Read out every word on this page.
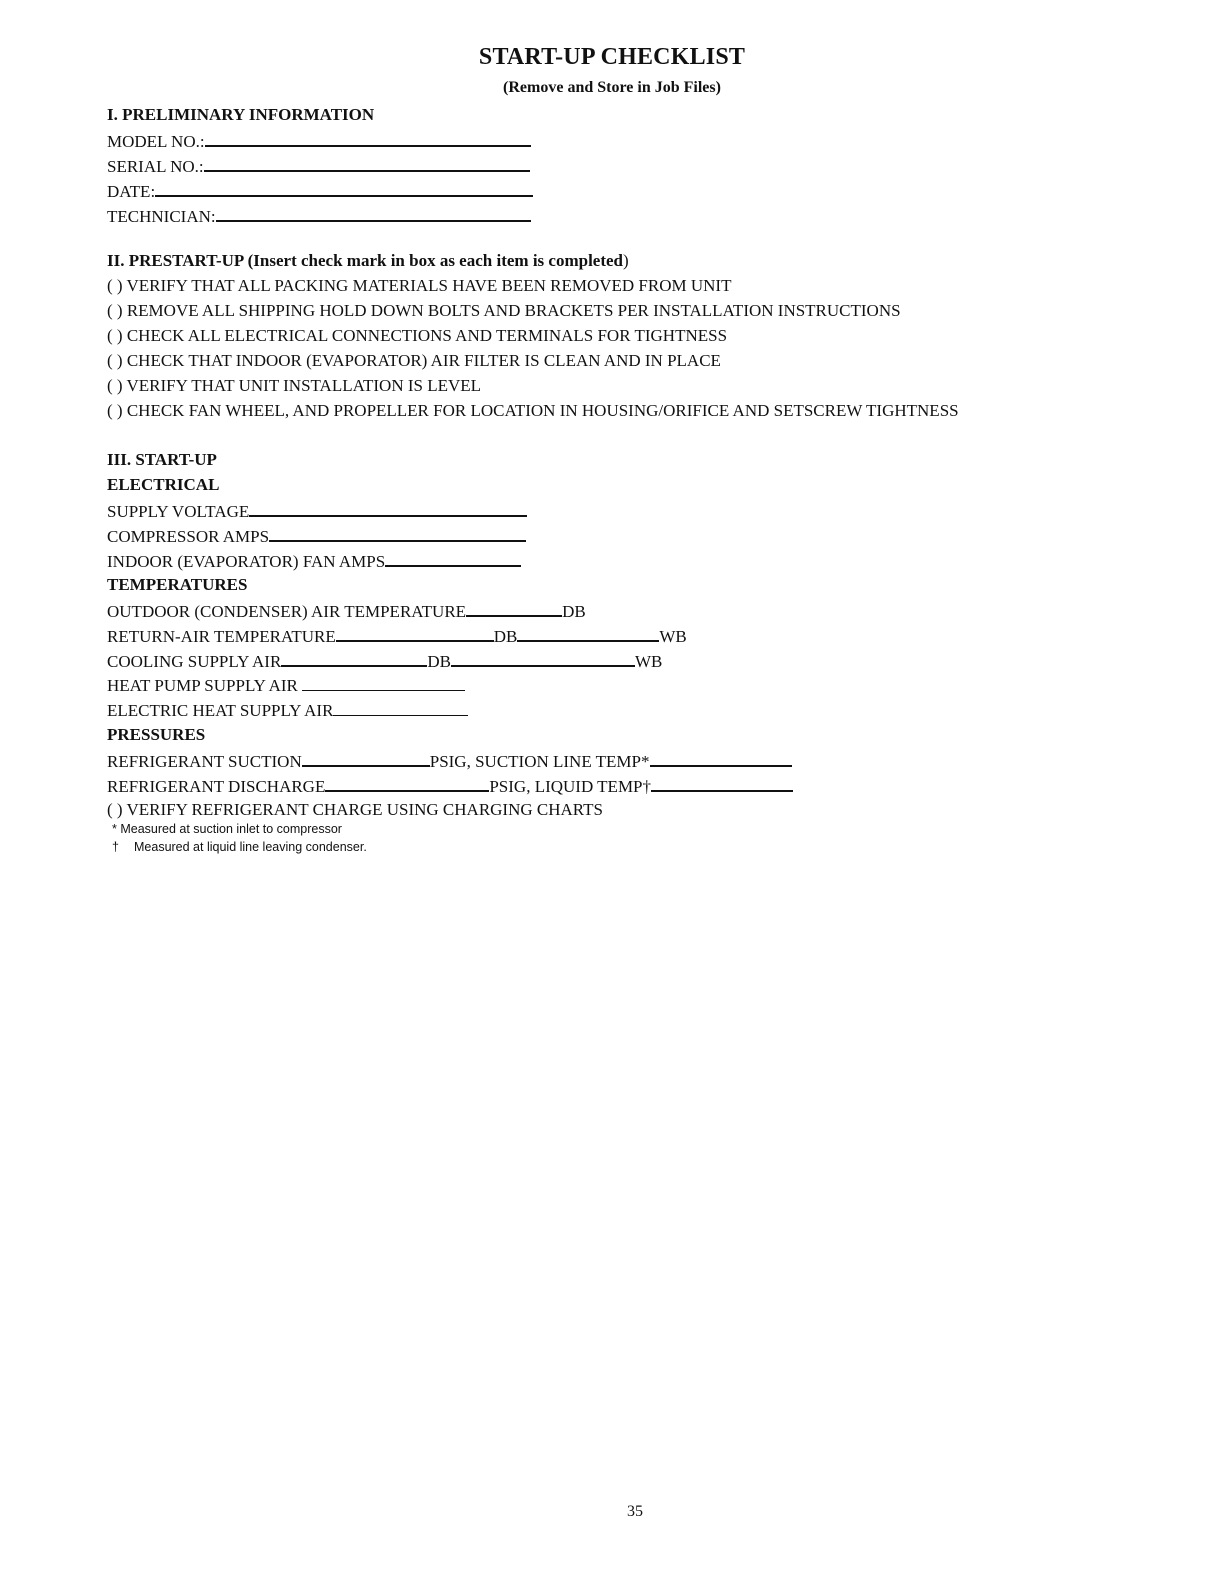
START-UP CHECKLIST
(Remove and Store in Job Files)
I. PRELIMINARY INFORMATION
MODEL NO.:
SERIAL NO.:
DATE:
TECHNICIAN:
II. PRESTART-UP (Insert check mark in box as each item is completed)
( ) VERIFY THAT ALL PACKING MATERIALS HAVE BEEN REMOVED FROM UNIT
( ) REMOVE ALL SHIPPING HOLD DOWN BOLTS AND BRACKETS PER INSTALLATION INSTRUCTIONS
( ) CHECK ALL ELECTRICAL CONNECTIONS AND TERMINALS FOR TIGHTNESS
( ) CHECK THAT INDOOR (EVAPORATOR) AIR FILTER IS CLEAN AND IN PLACE
( ) VERIFY THAT UNIT INSTALLATION IS LEVEL
( ) CHECK FAN WHEEL, AND PROPELLER FOR LOCATION IN HOUSING/ORIFICE AND SETSCREW TIGHTNESS
III. START-UP
ELECTRICAL
SUPPLY VOLTAGE
COMPRESSOR AMPS
INDOOR (EVAPORATOR) FAN AMPS
TEMPERATURES
OUTDOOR (CONDENSER) AIR TEMPERATURE	DB
RETURN-AIR TEMPERATURE	DB	WB
COOLING SUPPLY AIR	DB	WB
HEAT PUMP SUPPLY AIR
ELECTRIC HEAT SUPPLY AIR
PRESSURES
REFRIGERANT SUCTION	PSIG, SUCTION LINE TEMP*
REFRIGERANT DISCHARGE	PSIG, LIQUID TEMP†
( ) VERIFY REFRIGERANT CHARGE USING CHARGING CHARTS
* Measured at suction inlet to compressor
† Measured at liquid line leaving condenser.
35
